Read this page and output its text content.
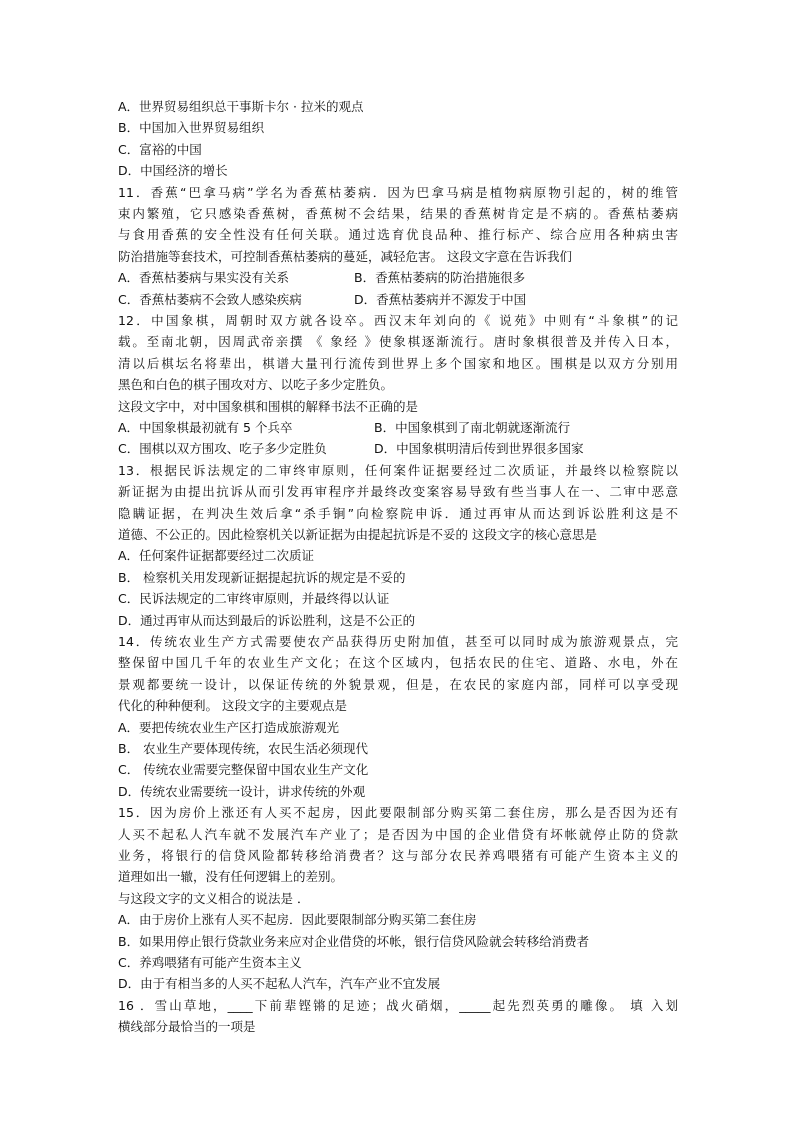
A．世界贸易组织总干事斯卡尔 · 拉米的观点
B．中国加入世界贸易组织
C．富裕的中国
D．中国经济的增长
11．香蕉“巴拿马病”学名为香蕉枯萎病．因为巴拿马病是植物病原物引起的，树的维管
束内繁殖，它只感染香蕉树，香蕉树不会结果，结果的香蕉树肯定是不病的。香蕉枯萎病
与食用香蕉的安全性没有任何关联。通过选育优良品种、推行标产、综合应用各种病虫害
防治措施等套技术，可控制香蕉枯萎病的蔓延，减轻危害。 这段文字意在告诉我们
A．香蕉枯萎病与果实没有关系	B．香蕉枯萎病的防治措施很多
C．香蕉枯萎病不会致人感染疾病	D．香蕉枯萎病并不源发于中国
12．中国象棋，周朝时双方就各设卒。西汉末年刘向的《 说苑》中则有“斗象棋”的记
载。至南北朝，因周武帝亲撰 《 象经 》使象棋逐渐流行。唐时象棋很普及并传入日本，
清以后棋坛名将辈出，棋谱大量刊行流传到世界上多个国家和地区。围棋是以双方分别用
黑色和白色的棋子围攻对方、以吃子多少定胜负。
这段文字中，对中国象棋和围棋的解释书法不正确的是
A．中国象棋最初就有 5 个兵卒	B．中国象棋到了南北朝就逐渐流行
C．围棋以双方围攻、吃子多少定胜负	D．中国象棋明清后传到世界很多国家
13．根据民诉法规定的二审终审原则，任何案件证据要经过二次质证，并最终以检察院以
新证据为由提出抗诉从而引发再审程序并最终改变案容易导致有些当事人在一、二审中恶意
隐瞒证据，在判决生效后拿“杀手锏”向检察院申诉．通过再审从而达到诉讼胜利这是不
道德、不公正的。因此检察机关以新证据为由提起抗诉是不妥的 这段文字的核心意思是
A．任何案件证据都要经过二次质证
B． 检察机关用发现新证据提起抗诉的规定是不妥的
C．民诉法规定的二审终审原则，并最终得以认证
D．通过再审从而达到最后的诉讼胜利，这是不公正的
14．传统农业生产方式需要使农产品获得历史附加值，甚至可以同时成为旅游观景点，完
整保留中国几千年的农业生产文化；在这个区域内，包括农民的住宅、道路、水电，外在
景观都要统一设计，以保证传统的外貌景观，但是，在农民的家庭内部，同样可以享受现
代化的种种便利。 这段文字的主要观点是
A．要把传统农业生产区打造成旅游观光
B． 农业生产要体现传统，农民生活必须现代
C． 传统农业需要完整保留中国农业生产文化
D．传统农业需要统一设计，讲求传统的外观
15．因为房价上涨还有人买不起房，因此要限制部分购买第二套住房，那么是否因为还有
人买不起私人汽车就不发展汽车产业了；是否因为中国的企业借贷有坏帐就停止防的贷款
业务，将银行的信贷风险都转移给消费者？这与部分农民养鸡喂猪有可能产生资本主义的
道理如出一辙，没有任何逻辑上的差别。
与这段文字的文义相合的说法是 ．
A．由于房价上涨有人买不起房．因此要限制部分购买第二套住房
B．如果用停止银行贷款业务来应对企业借贷的坏帐，银行信贷风险就会转移给消费者
C．养鸡喂猪有可能产生资本主义
D．由于有相当多的人买不起私人汽车，汽车产业不宜发展
16 ．雪山草地，____下前辈铿锵的足迹；战火硝烟，_____起先烈英勇的雕像。 填 入划
横线部分最恰当的一项是
